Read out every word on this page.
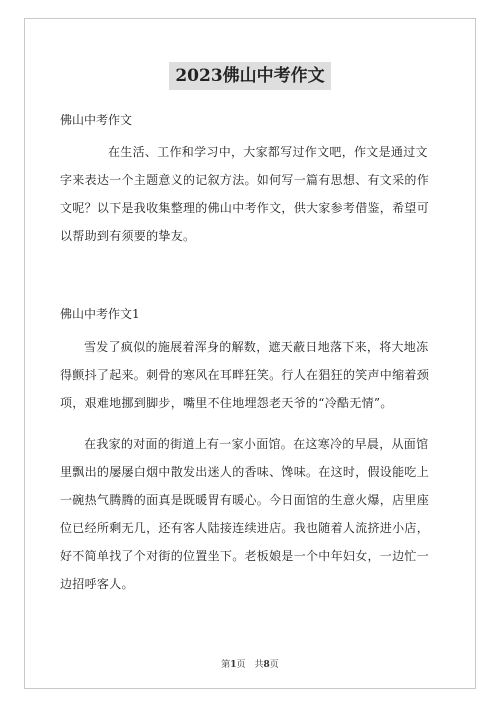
2023佛山中考作文
佛山中考作文

在生活、工作和学习中，大家都写过作文吧，作文是通过文字来表达一个主题意义的记叙方法。如何写一篇有思想、有文采的作文呢？以下是我收集整理的佛山中考作文，供大家参考借鉴，希望可以帮助到有须要的挚友。

佛山中考作文1

雪发了疯似的施展着浑身的解数，遮天蔽日地落下来，将大地冻得颤抖了起来。刺骨的寒风在耳畔狂笑。行人在猖狂的笑声中缩着颈项，艰难地挪到脚步，嘴里不住地埋怨老天爷的“冷酷无情”。

在我家的对面的街道上有一家小面馆。在这寒冷的早晨，从面馆里飘出的屡屡白烟中散发出迷人的香味、馋味。在这时，假设能吃上一碗热气腾腾的面真是既暖胃有暖心。今日面馆的生意火爆，店里座位已经所剩无几，还有客人陆接连续进店。我也随着人流挤进小店，好不简单找了个对街的位置坐下。老板娘是一个中年妇女，一边忙一边招呼客人。

第1页　共8页
